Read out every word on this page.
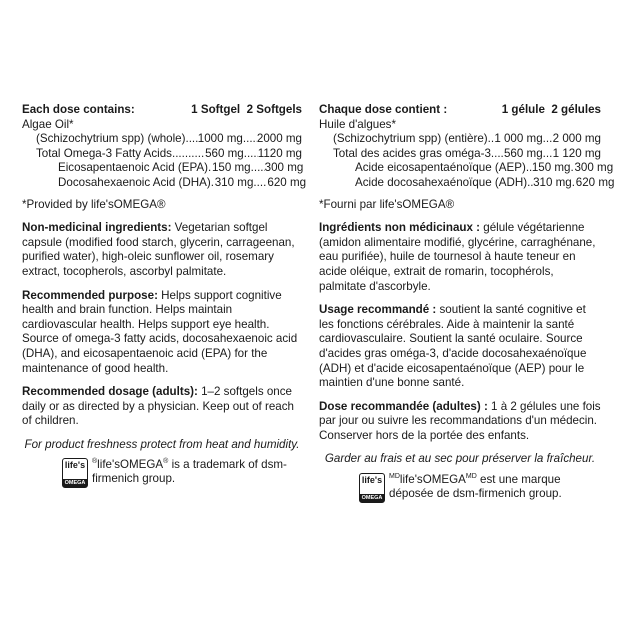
Each dose contains:	1 Softgel 2 Softgels
Algae Oil*
(Schizochytrium spp) (whole) ..... 1000 mg ..... 2000 mg
Total Omega-3 Fatty Acids .....	560 mg ..... 1120 mg
Eicosapentaenoic Acid (EPA) ..... 150 mg ..... 300 mg
Docosahexaenoic Acid (DHA) ..... 310 mg ..... 620 mg

*Provided by life'sOMEGA®

Non-medicinal ingredients: Vegetarian softgel capsule (modified food starch, glycerin, carrageenan, purified water), high-oleic sunflower oil, rosemary extract, tocopherols, ascorbyl palmitate.

Recommended purpose: Helps support cognitive health and brain function. Helps maintain cardiovascular health. Helps support eye health. Source of omega-3 fatty acids, docosahexaenoic acid (DHA), and eicosapentaenoic acid (EPA) for the maintenance of good health.

Recommended dosage (adults): 1–2 softgels once daily or as directed by a physician. Keep out of reach of children.

For product freshness protect from heat and humidity.

life's
OMEGA
®life'sOMEGA® is a trademark of dsm-firmenich group.
Chaque dose contient :	1 gélule 2 gélules
Huile d'algues*
(Schizochytrium spp) (entière) ..... 1 000 mg ..... 2 000 mg
Total des acides gras oméga-3 ..... 560 mg ..... 1 120 mg
Acide eicosapentaénoïque (AEP) ..... 150 mg ..... 300 mg
Acide docosahexaénoïque (ADH) ..... 310 mg ..... 620 mg

*Fourni par life'sOMEGA®

Ingrédients non médicinaux : gélule végétarienne (amidon alimentaire modifié, glycérine, carraghénane, eau purifiée), huile de tournesol à haute teneur en acide oléique, extrait de romarin, tocophérols, palmitate d'ascorbyle.

Usage recommandé : soutient la santé cognitive et les fonctions cérébrales. Aide à maintenir la santé cardiovasculaire. Soutient la santé oculaire. Source d'acides gras oméga-3, d'acide docosahexaénoïque (ADH) et d'acide eicosapentaénoïque (AEP) pour le maintien d'une bonne santé.

Dose recommandée (adultes) : 1 à 2 gélules une fois par jour ou suivre les recommandations d'un médecin. Conserver hors de la portée des enfants.

Garder au frais et au sec pour préserver la fraîcheur.

life's
OMEGA
$^{MD}$life'sOMEGA$^{MD}$ est une marque déposée de dsm-firmenich group.
